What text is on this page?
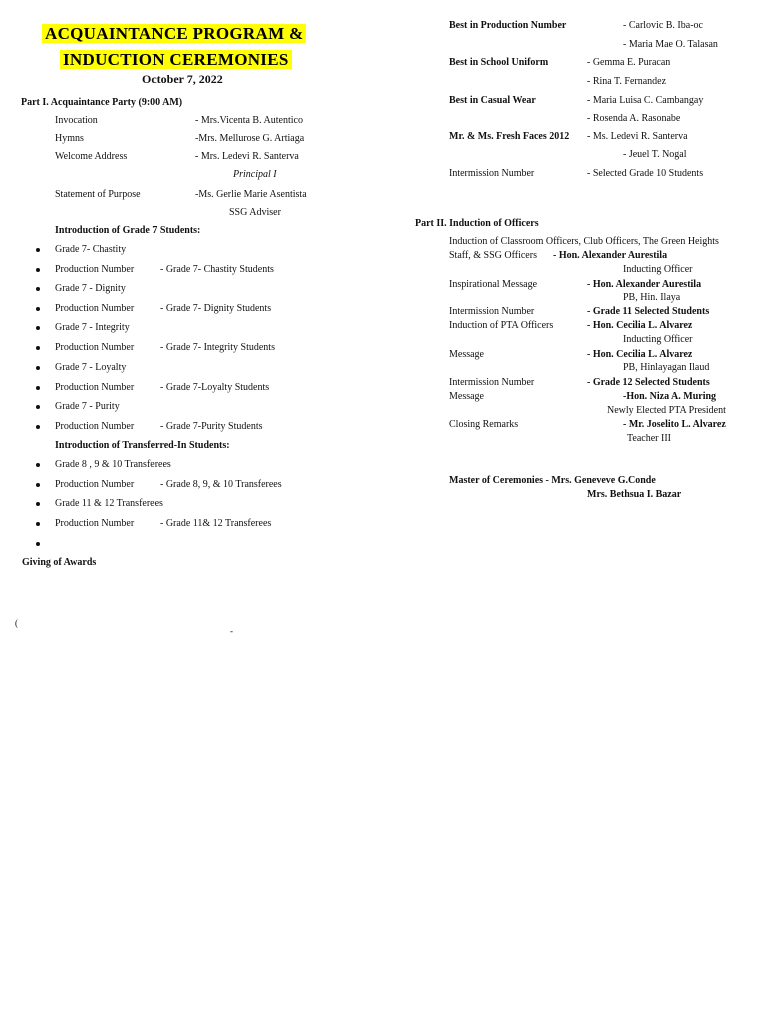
ACQUAINTANCE PROGRAM &
INDUCTION CEREMONIES
October 7, 2022
Part I. Acquaintance Party (9:00 AM)
Invocation	- Mrs.Vicenta B. Autentico
Hymns	-Mrs. Mellurose G. Artiaga
Welcome Address	- Mrs. Ledevi R. Santerva
Principal I
Statement of Purpose	-Ms. Gerlie Marie Asentista
SSG Adviser
Introduction of Grade 7 Students:
Grade 7- Chastity
Production Number	- Grade 7- Chastity Students
Grade 7 - Dignity
Production Number	- Grade 7- Dignity Students
Grade 7 - Integrity
Production Number	- Grade 7- Integrity Students
Grade 7 - Loyalty
Production Number	- Grade 7-Loyalty Students
Grade 7 - Purity
Production Number	- Grade 7-Purity Students
Introduction of Transferred-In Students:
Grade 8 , 9 & 10 Transferees
Production Number	- Grade 8, 9, & 10 Transferees
Grade 11 & 12 Transferees
Production Number	- Grade 11& 12 Transferees
Giving of Awards
(
-
Best in Production Number	- Carlovic B. Iba-oc
- Maria Mae O. Talasan
Best in School Uniform	- Gemma E. Puracan
- Rina T. Fernandez
Best in Casual Wear	- Maria Luisa C. Cambangay
- Rosenda A. Rasonabe
Mr. & Ms. Fresh Faces 2012 - Ms. Ledevi R. Santerva
- Jeuel T. Nogal
Intermission Number	- Selected Grade 10 Students
Part II. Induction of Officers
Induction of Classroom Officers, Club Officers, The Green Heights
Staff, & SSG Officers - Hon. Alexander Aurestila
Inducting Officer
Inspirational Message	- Hon. Alexander Aurestila
PB, Hin. Ilaya
Intermission Number	- Grade 11 Selected Students
Induction of PTA Officers	- Hon. Cecilia L. Alvarez
Inducting Officer
Message	- Hon. Cecilia L. Alvarez
PB, Hinlayagan Ilaud
Intermission Number	- Grade 12 Selected Students
Message	-Hon. Niza A. Muring
Newly Elected PTA President
Closing Remarks	- Mr. Joselito L. Alvarez
Teacher III
Master of Ceremonies - Mrs. Geneveve G.Conde
Mrs. Bethsua I. Bazar
